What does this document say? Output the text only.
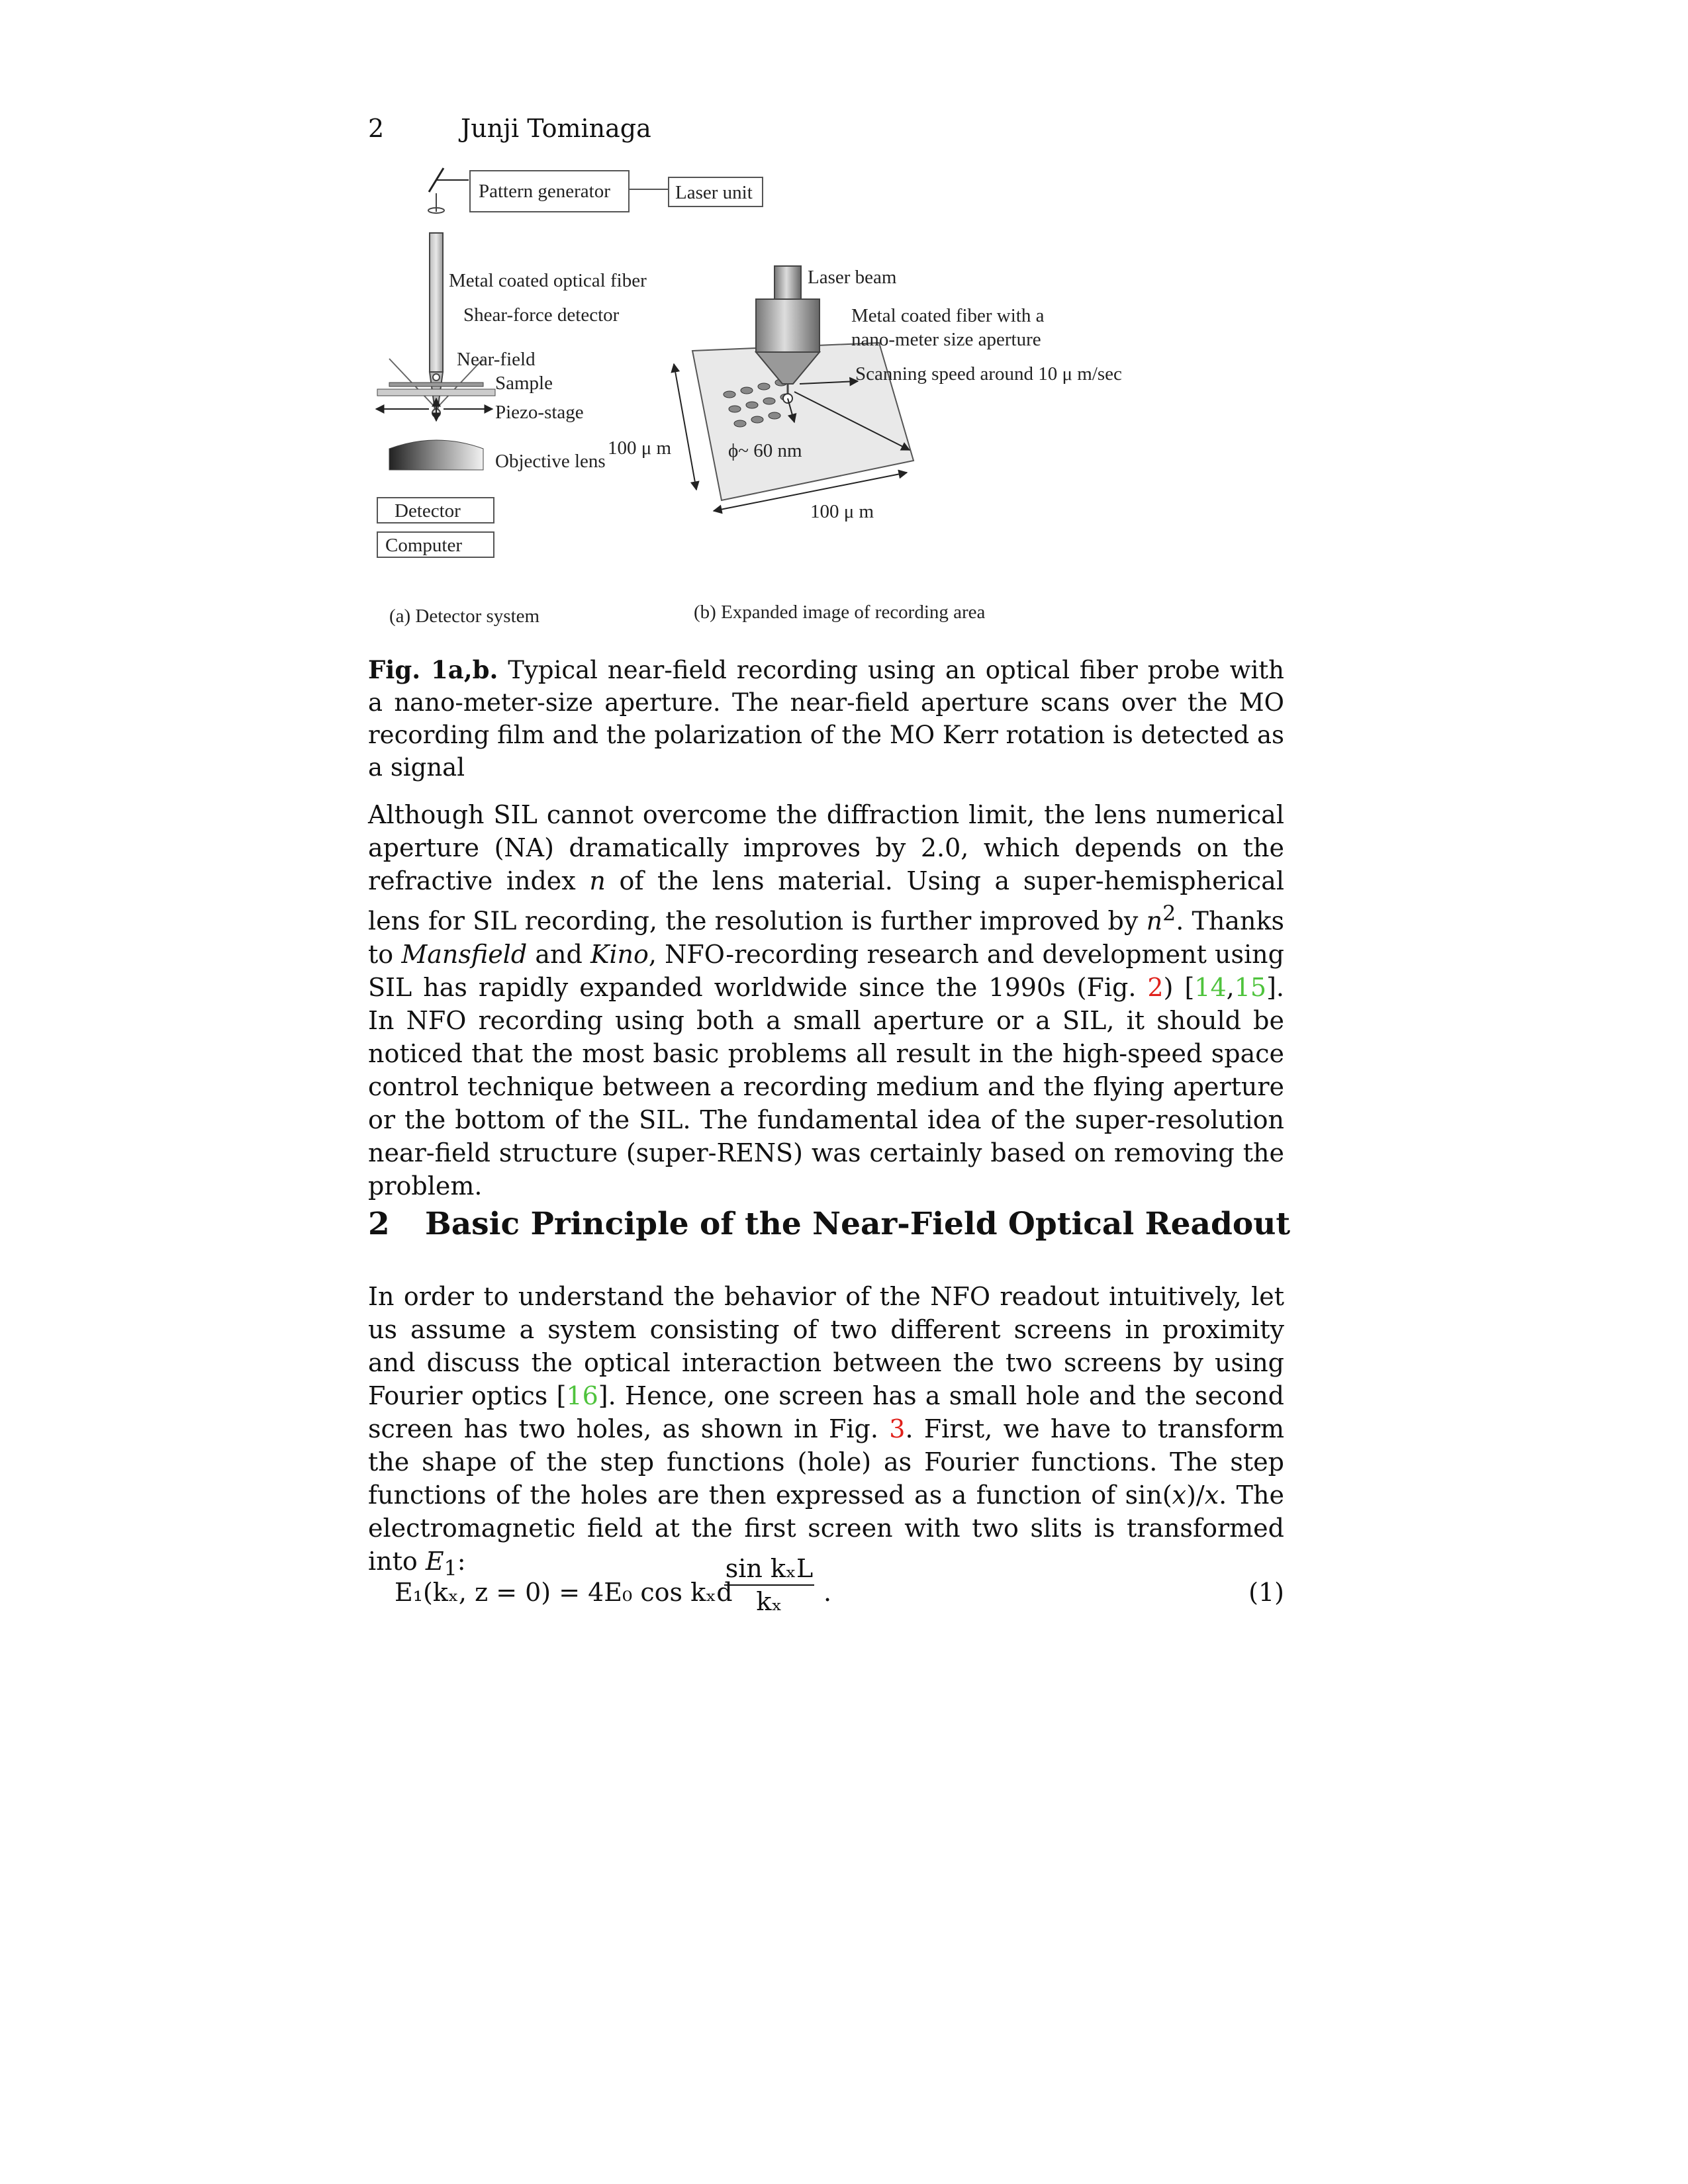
2	Junji Tominaga
Pattern generator	Laser unit
Metal coated optical fiber
Shear-force detector
Near-field
Sample
Piezo-stage
Objective lens
Detector
Computer
(a) Detector system
100 μ m
100 μ m
ϕ~ 60 nm
Laser beam
Metal coated fiber with a
nano-meter size aperture
Scanning speed around 10 μ m/sec
(b) Expanded image of recording area
Fig. 1a,b. Typical near-field recording using an optical fiber probe with a nano-meter-size aperture. The near-field aperture scans over the MO recording film and the polarization of the MO Kerr rotation is detected as a signal
Although SIL cannot overcome the diffraction limit, the lens numerical aperture (NA) dramatically improves by 2.0, which depends on the refractive index n of the lens material. Using a super-hemispherical lens for SIL recording, the resolution is further improved by $n^2$. Thanks to Mansfield and Kino, NFO-recording research and development using SIL has rapidly expanded worldwide since the 1990s (Fig. 2) [14,15]. In NFO recording using both a small aperture or a SIL, it should be noticed that the most basic problems all result in the high-speed space control technique between a recording medium and the flying aperture or the bottom of the SIL. The fundamental idea of the super-resolution near-field structure (super-RENS) was certainly based on removing the problem.
2 Basic Principle of the Near-Field Optical Readout
In order to understand the behavior of the NFO readout intuitively, let us assume a system consisting of two different screens in proximity and discuss the optical interaction between the two screens by using Fourier optics [16]. Hence, one screen has a small hole and the second screen has two holes, as shown in Fig. 3. First, we have to transform the shape of the step functions (hole) as Fourier functions. The step functions of the holes are then expressed as a function of sin(x)/x. The electromagnetic field at the first screen with two slits is transformed into $E_1$:
E₁(kₓ, z = 0) = 4E₀ cos kₓd
sin kₓL
kₓ	.	(1)
